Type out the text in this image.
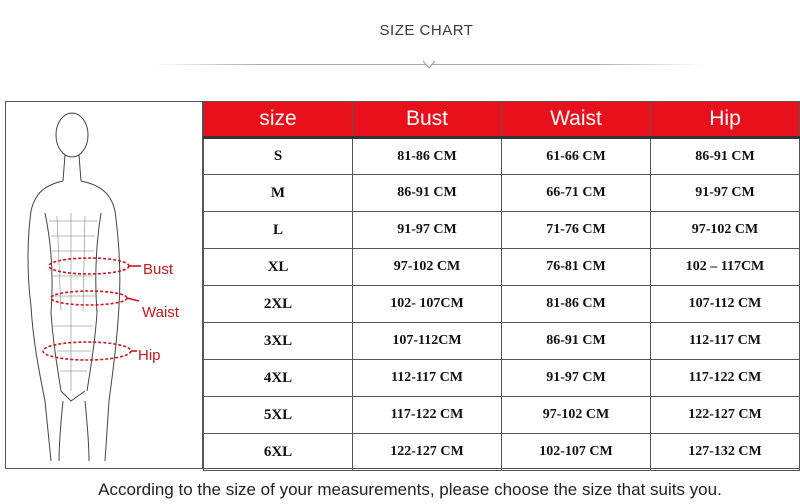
SIZE CHART
Bust
Waist
Hip
size	Bust	Waist	Hip
S	81-86 CM	61-66 CM	86-91 CM
M	86-91 CM	66-71 CM	91-97 CM
L	91-97 CM	71-76 CM	97-102 CM
XL	97-102 CM	76-81 CM	102 – 117CM
2XL	102- 107CM	81-86 CM	107-112 CM
3XL	107-112CM	86-91 CM	112-117 CM
4XL	112-117 CM	91-97 CM	117-122 CM
5XL	117-122 CM	97-102 CM	122-127 CM
6XL	122-127 CM	102-107 CM	127-132 CM
According to the size of your measurements, please choose the size that suits you.
